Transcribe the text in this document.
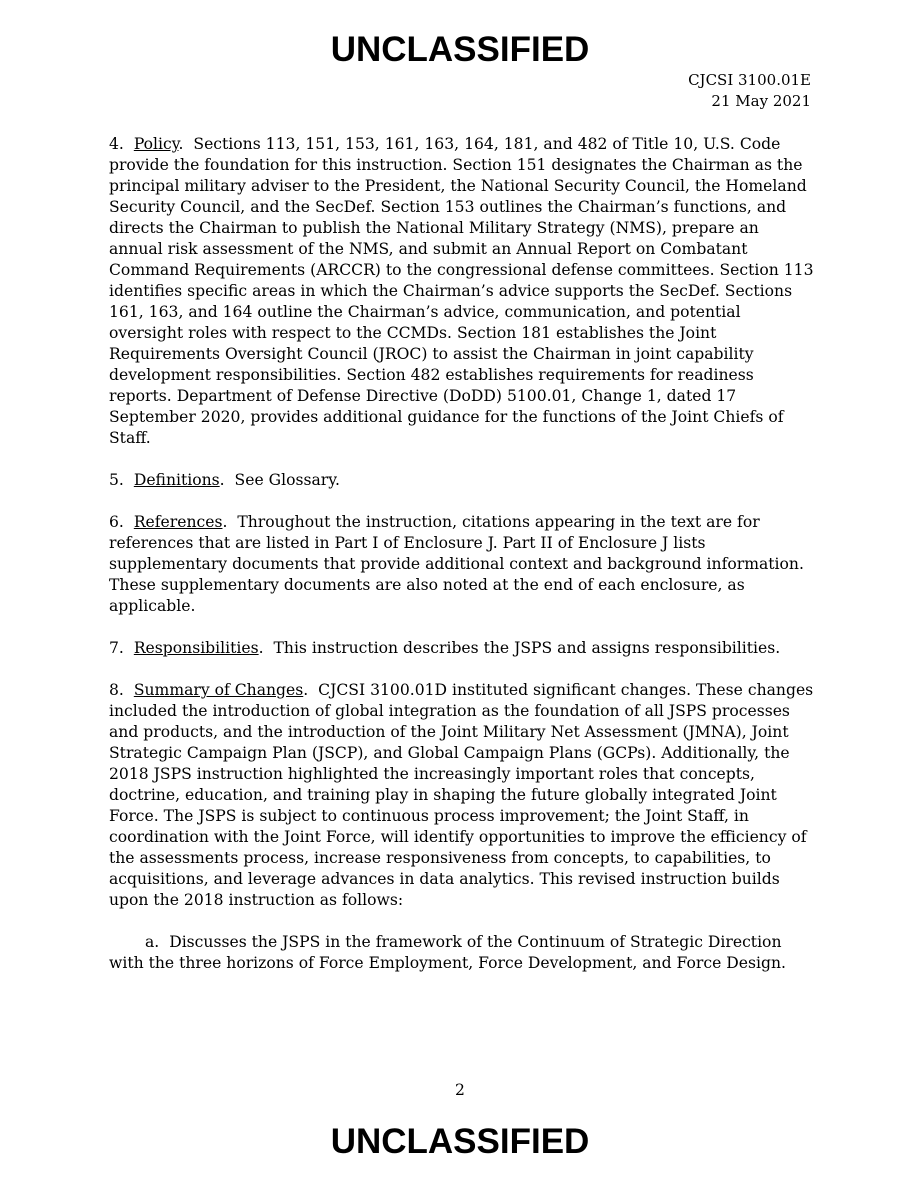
UNCLASSIFIED
CJCSI 3100.01E
21 May 2021

4. Policy.  Sections 113, 151, 153, 161, 163, 164, 181, and 482 of Title 10, U.S. Code provide the foundation for this instruction. Section 151 designates the Chairman as the principal military adviser to the President, the National Security Council, the Homeland Security Council, and the SecDef. Section 153 outlines the Chairman’s functions, and directs the Chairman to publish the National Military Strategy (NMS), prepare an annual risk assessment of the NMS, and submit an Annual Report on Combatant Command Requirements (ARCCR) to the congressional defense committees. Section 113 identifies specific areas in which the Chairman’s advice supports the SecDef. Sections 161, 163, and 164 outline the Chairman’s advice, communication, and potential oversight roles with respect to the CCMDs. Section 181 establishes the Joint Requirements Oversight Council (JROC) to assist the Chairman in joint capability development responsibilities. Section 482 establishes requirements for readiness reports. Department of Defense Directive (DoDD) 5100.01, Change 1, dated 17 September 2020, provides additional guidance for the functions of the Joint Chiefs of Staff.

5. Definitions.  See Glossary.

6. References.  Throughout the instruction, citations appearing in the text are for references that are listed in Part I of Enclosure J. Part II of Enclosure J lists supplementary documents that provide additional context and background information. These supplementary documents are also noted at the end of each enclosure, as applicable.

7. Responsibilities.  This instruction describes the JSPS and assigns responsibilities.

8. Summary of Changes.  CJCSI 3100.01D instituted significant changes. These changes included the introduction of global integration as the foundation of all JSPS processes and products, and the introduction of the Joint Military Net Assessment (JMNA), Joint Strategic Campaign Plan (JSCP), and Global Campaign Plans (GCPs). Additionally, the 2018 JSPS instruction highlighted the increasingly important roles that concepts, doctrine, education, and training play in shaping the future globally integrated Joint Force. The JSPS is subject to continuous process improvement; the Joint Staff, in coordination with the Joint Force, will identify opportunities to improve the efficiency of the assessments process, increase responsiveness from concepts, to capabilities, to acquisitions, and leverage advances in data analytics. This revised instruction builds upon the 2018 instruction as follows:

a. Discusses the JSPS in the framework of the Continuum of Strategic Direction with the three horizons of Force Employment, Force Development, and Force Design.

2
UNCLASSIFIED
